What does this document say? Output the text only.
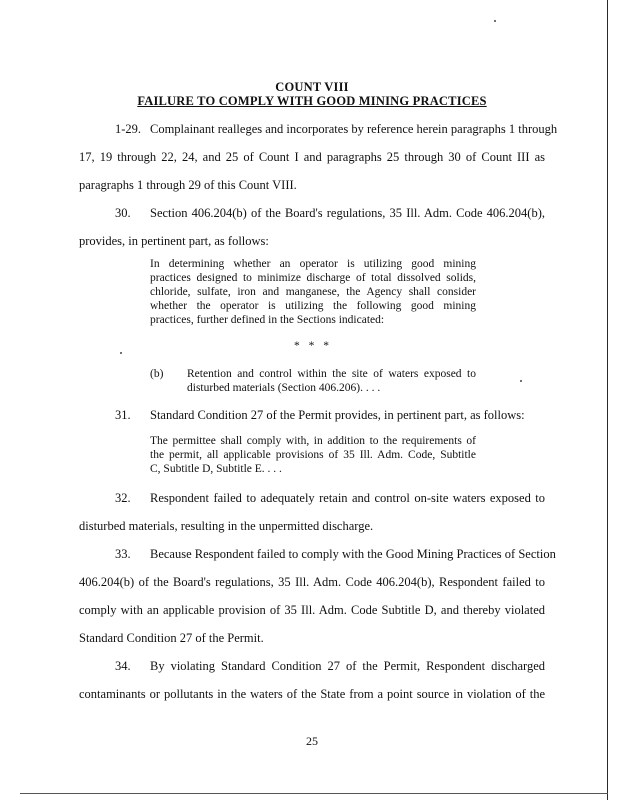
COUNT VIII
FAILURE TO COMPLY WITH GOOD MINING PRACTICES
1-29. Complainant realleges and incorporates by reference herein paragraphs 1 through
17, 19 through 22, 24, and 25 of Count I and paragraphs 25 through 30 of Count III as
paragraphs 1 through 29 of this Count VIII.
30. Section 406.204(b) of the Board's regulations, 35 Ill. Adm. Code 406.204(b),
provides, in pertinent part, as follows:
In determining whether an operator is utilizing good mining
practices designed to minimize discharge of total dissolved solids,
chloride, sulfate, iron and manganese, the Agency shall consider
whether the operator is utilizing the following good mining
practices, further defined in the Sections indicated:
* * *
(b) Retention and control within the site of waters exposed to
disturbed materials (Section 406.206). . . .
31. Standard Condition 27 of the Permit provides, in pertinent part, as follows:
The permittee shall comply with, in addition to the requirements of
the permit, all applicable provisions of 35 Ill. Adm. Code, Subtitle
C, Subtitle D, Subtitle E. . . .
32. Respondent failed to adequately retain and control on-site waters exposed to
disturbed materials, resulting in the unpermitted discharge.
33. Because Respondent failed to comply with the Good Mining Practices of Section
406.204(b) of the Board's regulations, 35 Ill. Adm. Code 406.204(b), Respondent failed to
comply with an applicable provision of 35 Ill. Adm. Code Subtitle D, and thereby violated
Standard Condition 27 of the Permit.
34. By violating Standard Condition 27 of the Permit, Respondent discharged
contaminants or pollutants in the waters of the State from a point source in violation of the
25
